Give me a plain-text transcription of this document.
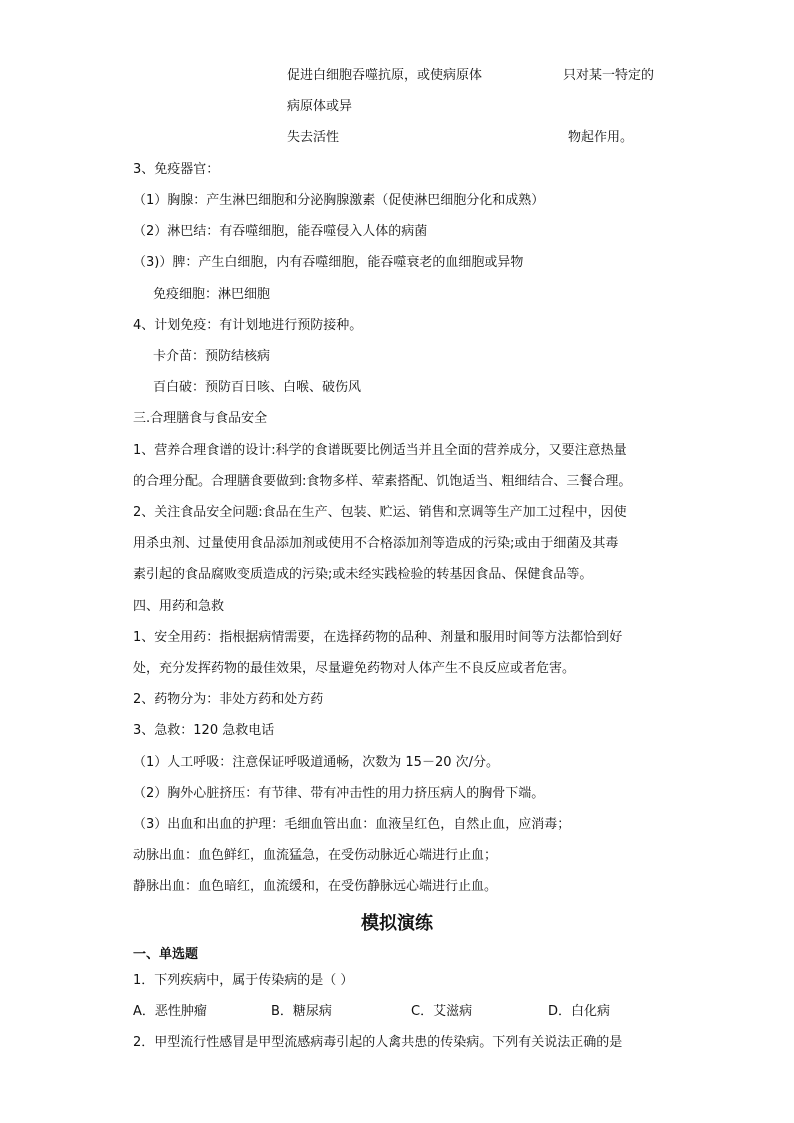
促进白细胞吞噬抗原，或使病原体	只对某一特定的
病原体或异
失去活性	物起作用。
3、免疫器官：
（1）胸腺：产生淋巴细胞和分泌胸腺激素（促使淋巴细胞分化和成熟）
（2）淋巴结：有吞噬细胞，能吞噬侵入人体的病菌
（3)）脾：产生白细胞，内有吞噬细胞，能吞噬衰老的血细胞或异物
免疫细胞：淋巴细胞
4、计划免疫：有计划地进行预防接种。
卡介苗：预防结核病
百白破：预防百日咳、白喉、破伤风
三.合理膳食与食品安全
1、营养合理食谱的设计:科学的食谱既要比例适当并且全面的营养成分，又要注意热量
的合理分配。合理膳食要做到:食物多样、荤素搭配、饥饱适当、粗细结合、三餐合理。
2、关注食品安全问题:食品在生产、包装、贮运、销售和烹调等生产加工过程中，因使
用杀虫剂、过量使用食品添加剂或使用不合格添加剂等造成的污染;或由于细菌及其毒
素引起的食品腐败变质造成的污染;或未经实践检验的转基因食品、保健食品等。
四、用药和急救
1、安全用药：指根据病情需要，在选择药物的品种、剂量和服用时间等方法都恰到好
处，充分发挥药物的最佳效果，尽量避免药物对人体产生不良反应或者危害。
2、药物分为：非处方药和处方药
3、急救：120 急救电话
（1）人工呼吸：注意保证呼吸道通畅，次数为 15－20 次/分。
（2）胸外心脏挤压：有节律、带有冲击性的用力挤压病人的胸骨下端。
（3）出血和出血的护理：毛细血管出血：血液呈红色，自然止血，应消毒；
动脉出血：血色鲜红，血流猛急，在受伤动脉近心端进行止血；
静脉出血：血色暗红，血流缓和，在受伤静脉远心端进行止血。
模拟演练
一、单选题
1．下列疾病中，属于传染病的是（ ）
A．恶性肿瘤	B．糖尿病	C．艾滋病	D．白化病
2．甲型流行性感冒是甲型流感病毒引起的人禽共患的传染病。下列有关说法正确的是
